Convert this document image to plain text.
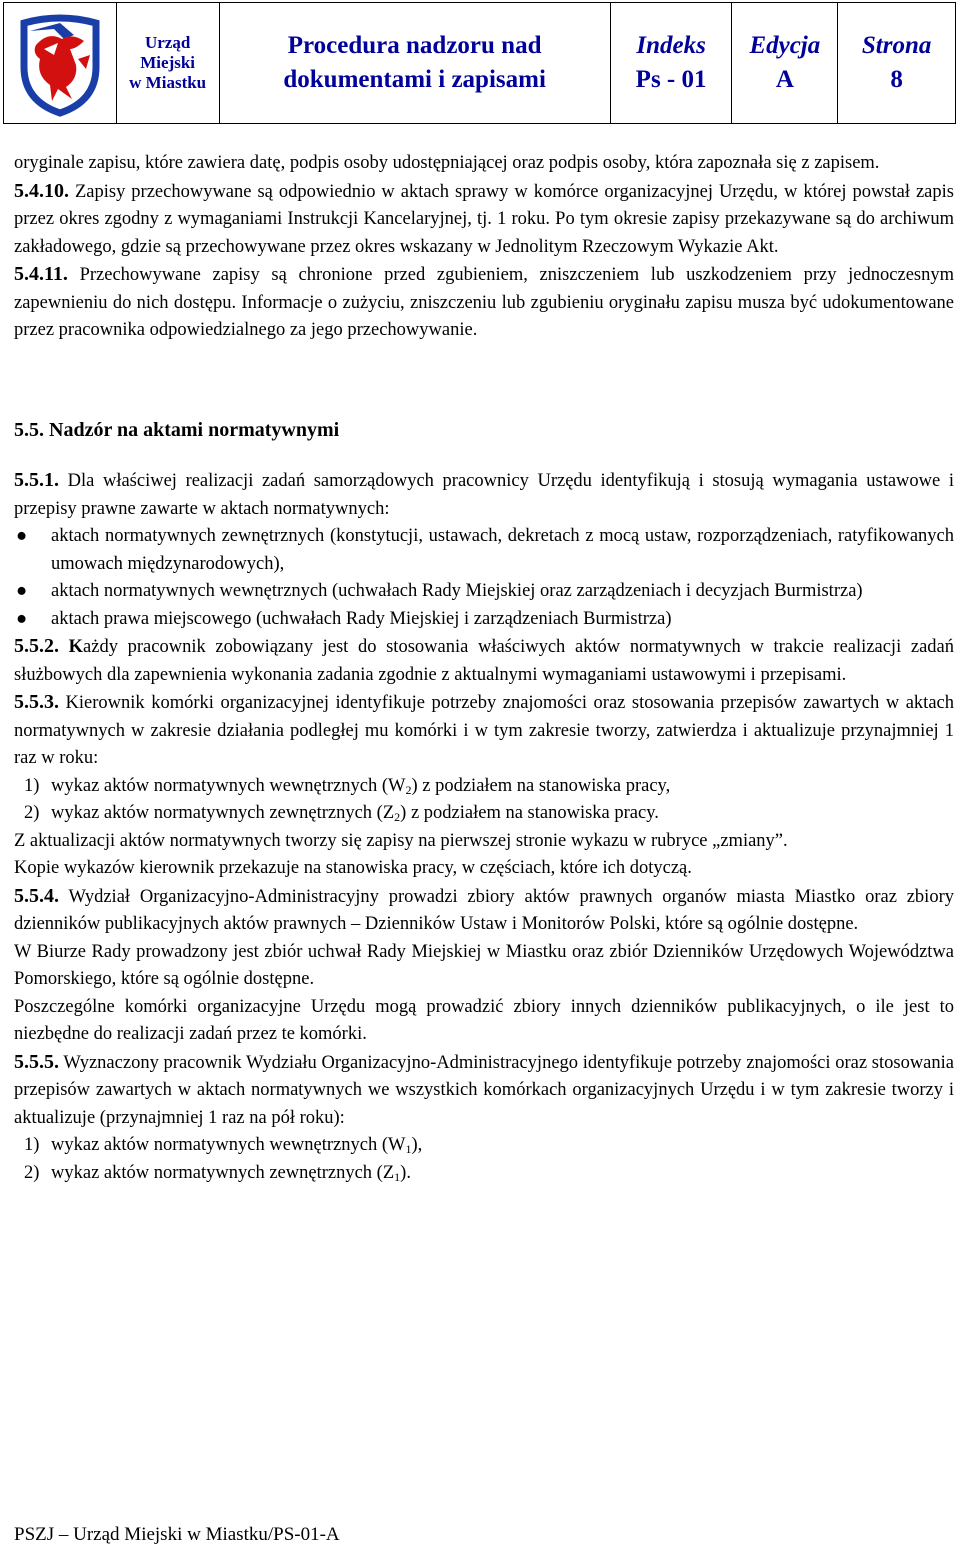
Urząd
Miejski
w Miastku
Procedura nadzoru nad
dokumentami i zapisami
Indeks
Ps - 01
Edycja
A
Strona
8

oryginale zapisu, które zawiera datę, podpis osoby udostępniającej oraz podpis osoby, która zapoznała się z zapisem.

5.4.10. Zapisy przechowywane są odpowiednio w aktach sprawy w komórce organizacyjnej Urzędu, w której powstał zapis przez okres zgodny z wymaganiami Instrukcji Kancelaryjnej, tj. 1 roku. Po tym okresie zapisy przekazywane są do archiwum zakładowego, gdzie są przechowywane przez okres wskazany w Jednolitym Rzeczowym Wykazie Akt.

5.4.11. Przechowywane zapisy są chronione przed zgubieniem, zniszczeniem lub uszkodzeniem przy jednoczesnym zapewnieniu do nich dostępu. Informacje o zużyciu, zniszczeniu lub zgubieniu oryginału zapisu musza być udokumentowane przez pracownika odpowiedzialnego za jego przechowywanie.

5.5. Nadzór na aktami normatywnymi

5.5.1. Dla właściwej realizacji zadań samorządowych pracownicy Urzędu identyfikują i stosują wymagania ustawowe i przepisy prawne zawarte w aktach normatywnych:

● aktach normatywnych zewnętrznych (konstytucji, ustawach, dekretach z mocą ustaw, rozporządzeniach, ratyfikowanych umowach międzynarodowych),
● aktach normatywnych wewnętrznych (uchwałach Rady Miejskiej oraz zarządzeniach i decyzjach Burmistrza)
● aktach prawa miejscowego (uchwałach Rady Miejskiej i zarządzeniach Burmistrza)

5.5.2. Każdy pracownik zobowiązany jest do stosowania właściwych aktów normatywnych w trakcie realizacji zadań służbowych dla zapewnienia wykonania zadania zgodnie z aktualnymi wymaganiami ustawowymi i przepisami.

5.5.3. Kierownik komórki organizacyjnej identyfikuje potrzeby znajomości oraz stosowania przepisów zawartych w aktach normatywnych w zakresie działania podległej mu komórki i w tym zakresie tworzy, zatwierdza i aktualizuje przynajmniej 1 raz w roku:

1) wykaz aktów normatywnych wewnętrznych $(W_2)$ z podziałem na stanowiska pracy,
2) wykaz aktów normatywnych zewnętrznych $(Z_2)$ z podziałem na stanowiska pracy.

Z aktualizacji aktów normatywnych tworzy się zapisy na pierwszej stronie wykazu w rubryce „zmiany”.

Kopie wykazów kierownik przekazuje na stanowiska pracy, w częściach, które ich dotyczą.

5.5.4. Wydział Organizacyjno-Administracyjny prowadzi zbiory aktów prawnych organów miasta Miastko oraz zbiory dzienników publikacyjnych aktów prawnych – Dzienników Ustaw i Monitorów Polski, które są ogólnie dostępne.

W Biurze Rady prowadzony jest zbiór uchwał Rady Miejskiej w Miastku oraz zbiór Dzienników Urzędowych Województwa Pomorskiego, które są ogólnie dostępne.

Poszczególne komórki organizacyjne Urzędu mogą prowadzić zbiory innych dzienników publikacyjnych, o ile jest to niezbędne do realizacji zadań przez te komórki.

5.5.5. Wyznaczony pracownik Wydziału Organizacyjno-Administracyjnego identyfikuje potrzeby znajomości oraz stosowania przepisów zawartych w aktach normatywnych we wszystkich komórkach organizacyjnych Urzędu i w tym zakresie tworzy i aktualizuje (przynajmniej 1 raz na pół roku):

1) wykaz aktów normatywnych wewnętrznych $(W_1)$,
2) wykaz aktów normatywnych zewnętrznych $(Z_1)$.
PSZJ – Urząd Miejski w Miastku/PS-01-A
